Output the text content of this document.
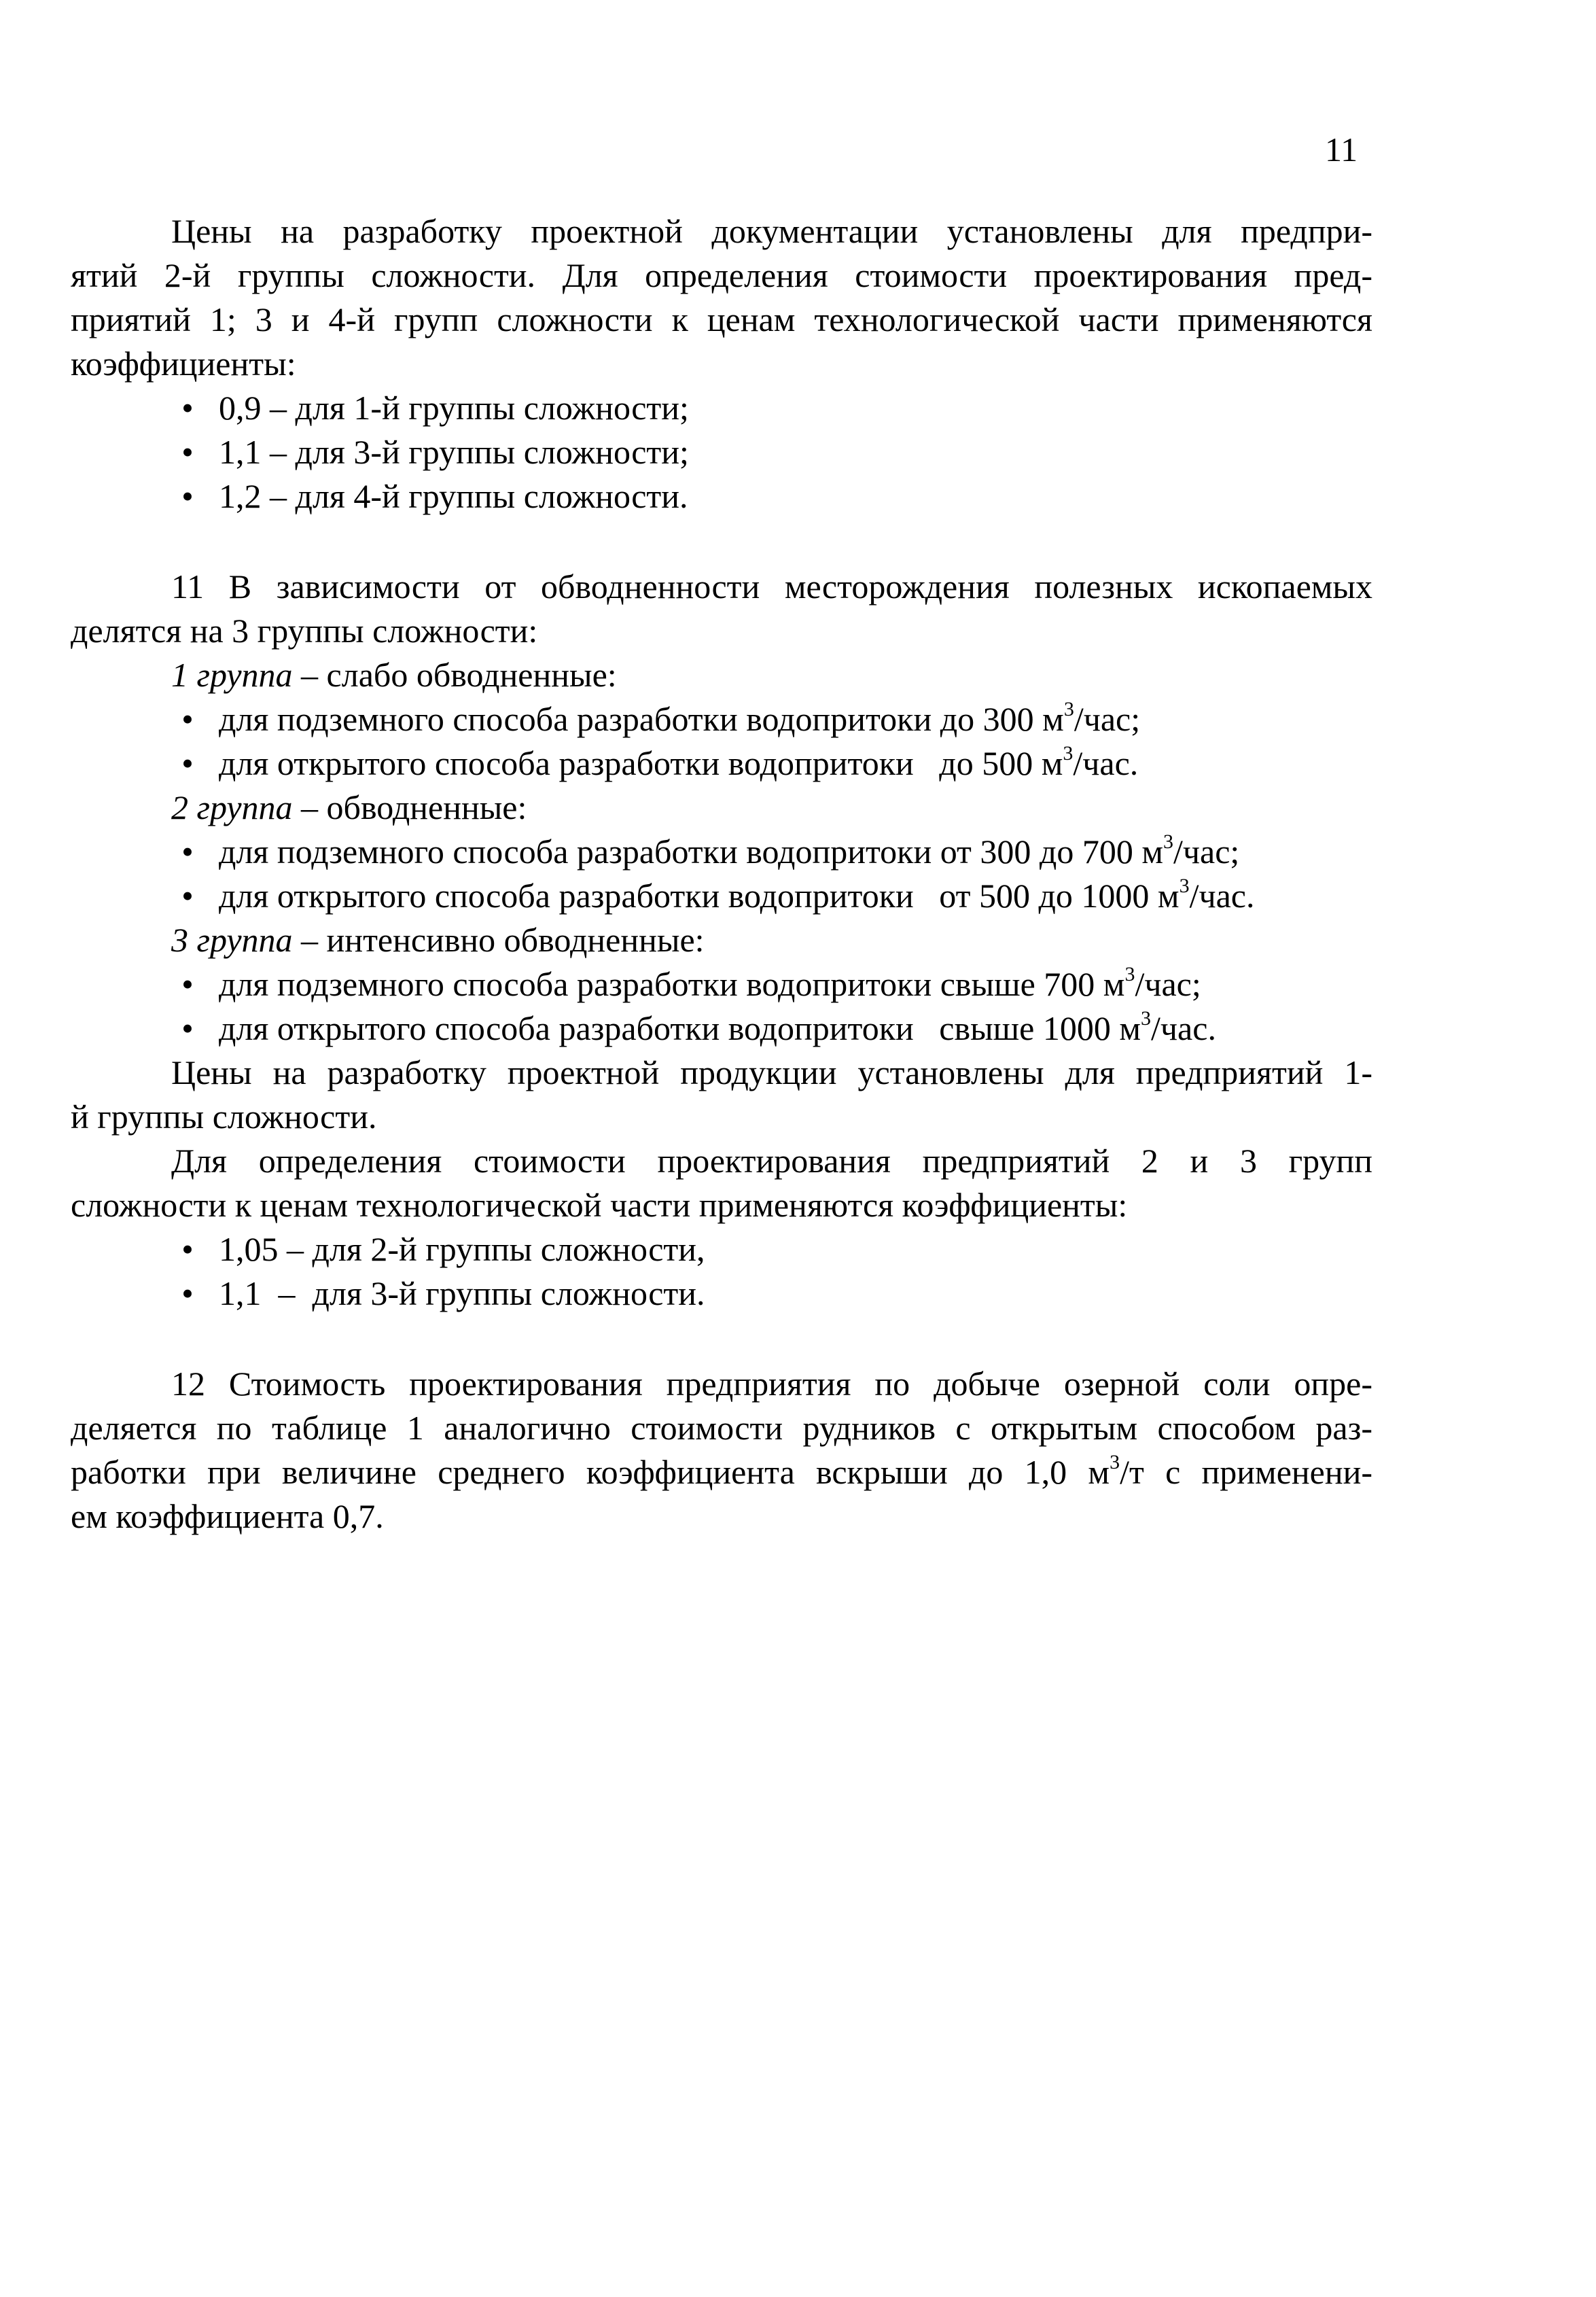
11
Цены на разработку проектной документации установлены для предпри-
ятий 2-й группы сложности. Для определения стоимости проектирования пред-
приятий 1; 3 и 4-й групп сложности к ценам технологической части применяются
коэффициенты:
• 0,9 – для 1-й группы сложности;
• 1,1 – для 3-й группы сложности;
• 1,2 – для 4-й группы сложности.
11 В зависимости от обводненности месторождения полезных ископаемых
делятся на 3 группы сложности:
1 группа – слабо обводненные:
• для подземного способа разработки водопритоки до 300 $м^3$/час;
• для открытого способа разработки водопритоки   до 500 $м^3$/час.
2 группа – обводненные:
• для подземного способа разработки водопритоки от 300 до 700 $м^3$/час;
• для открытого способа разработки водопритоки   от 500 до 1000 $м^3$/час.
3 группа – интенсивно обводненные:
• для подземного способа разработки водопритоки свыше 700 $м^3$/час;
• для открытого способа разработки водопритоки   свыше 1000 $м^3$/час.
Цены на разработку проектной продукции установлены для предприятий 1-
й группы сложности.
Для определения стоимости проектирования предприятий 2 и 3 групп
сложности к ценам технологической части применяются коэффициенты:
• 1,05 – для 2-й группы сложности,
• 1,1  –  для 3-й группы сложности.
12 Стоимость проектирования предприятия по добыче озерной соли опре-
деляется по таблице 1 аналогично стоимости рудников с открытым способом раз-
работки при величине среднего коэффициента вскрыши до 1,0 $м^3/т$ с применени-
ем коэффициента 0,7.
